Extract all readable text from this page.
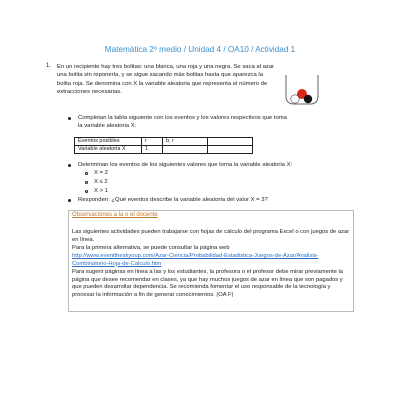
Matemática 2º medio / Unidad 4 / OA10 / Actividad 1
1. En un recipiente hay tres bolitas: una blanca, una roja y una negra. Se saca al azar una bolita sin reponerla, y se sigue sacando más bolitas hasta que aparezca la bolita roja. Se denomina con X la variable aleatoria que representa el número de extracciones necesarias.
Completan la tabla siguiente con los eventos y los valores respectivos que toma la variable aleatoria X:
Eventos posibles	r	b, r	
Variable aleatoria X	1		
Determinan los eventos de los siguientes valores que toma la variable aleatoria X:
X = 2
X ≤ 2
X > 1
Responden: ¿Qué eventos describe la variable aleatoria del valor X = 3?
Observaciones a la o el docente
Las siguientes actividades pueden trabajarse con hojas de cálculo del programa Excel o con juegos de azar en línea.
Para la primera alternativa, se puede consultar la página web
http://www.eventtheskyoup.com/Azar-Ciencia/Probabilidad-Estadistica-Juegos-de-Azar/Analisis-Combinatorio-Hoja-de-Calculo.htm
Para sugerir páginas en línea a las y los estudiantes, la profesora o el profesor debe mirar previamente la página que desee recomendar en clases, ya que hay muchos juegos de azar en línea que son pagados y que pueden desarrollar dependencia. Se recomienda fomentar el uso responsable de la tecnología y procesar la información a fin de generar conocimientos. (OA F)
